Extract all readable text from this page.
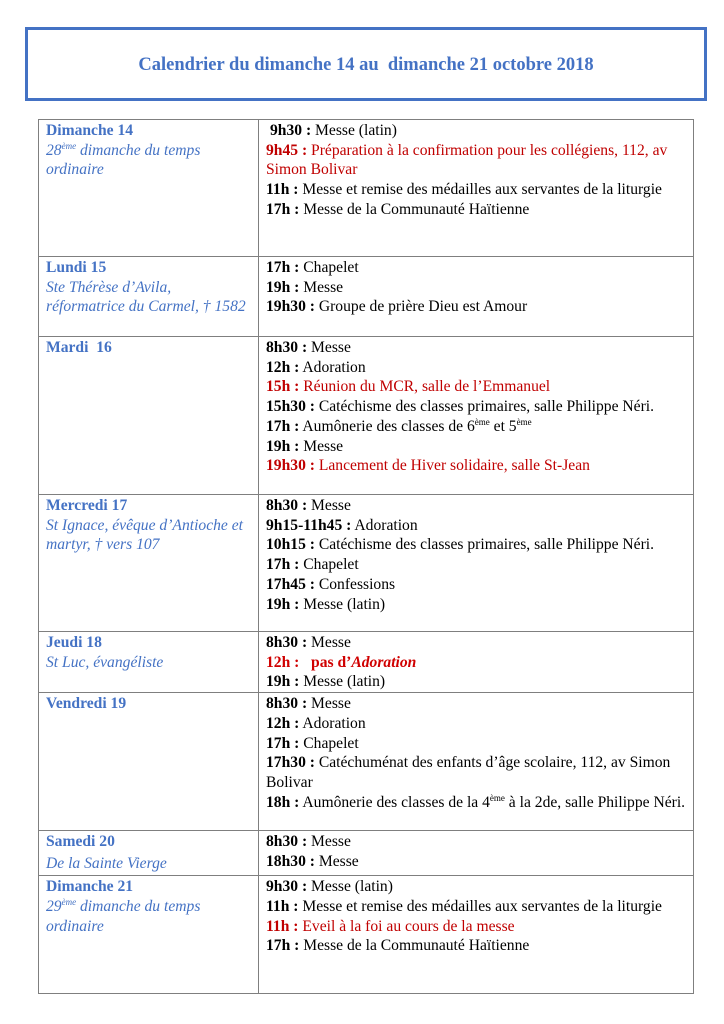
Calendrier du dimanche 14 au  dimanche 21 octobre 2018
Dimanche 14
28ème dimanche du temps ordinaire

9h30 : Messe (latin)
9h45 : Préparation à la confirmation pour les collégiens, 112, av Simon Bolivar
11h : Messe et remise des médailles aux servantes de la liturgie
17h : Messe de la Communauté Haïtienne

Lundi 15
Ste Thérèse d’Avila, réformatrice du Carmel, † 1582

17h : Chapelet
19h : Messe
19h30 : Groupe de prière Dieu est Amour

Mardi  16	8h30 : Messe
12h : Adoration
15h : Réunion du MCR, salle de l’Emmanuel
15h30 : Catéchisme des classes primaires, salle Philippe Néri.
17h : Aumônerie des classes de 6ème et 5ème
19h : Messe
19h30 : Lancement de Hiver solidaire, salle St-Jean

Mercredi 17
St Ignace, évêque d’Antioche et martyr, † vers 107

8h30 : Messe
9h15-11h45 : Adoration
10h15 : Catéchisme des classes primaires, salle Philippe Néri.
17h : Chapelet
17h45 : Confessions
19h : Messe (latin)

Jeudi 18
St Luc, évangéliste

8h30 : Messe
12h :   pas d’Adoration
19h : Messe (latin)

Vendredi 19	8h30 : Messe
12h : Adoration
17h : Chapelet
17h30 : Catéchuménat des enfants d’âge scolaire, 112, av Simon Bolivar
18h : Aumônerie des classes de la 4ème à la 2de, salle Philippe Néri.

Samedi 20
De la Sainte Vierge

8h30 : Messe
18h30 : Messe

Dimanche 21
29ème dimanche du temps ordinaire

9h30 : Messe (latin)
11h : Messe et remise des médailles aux servantes de la liturgie
11h : Eveil à la foi au cours de la messe
17h : Messe de la Communauté Haïtienne
